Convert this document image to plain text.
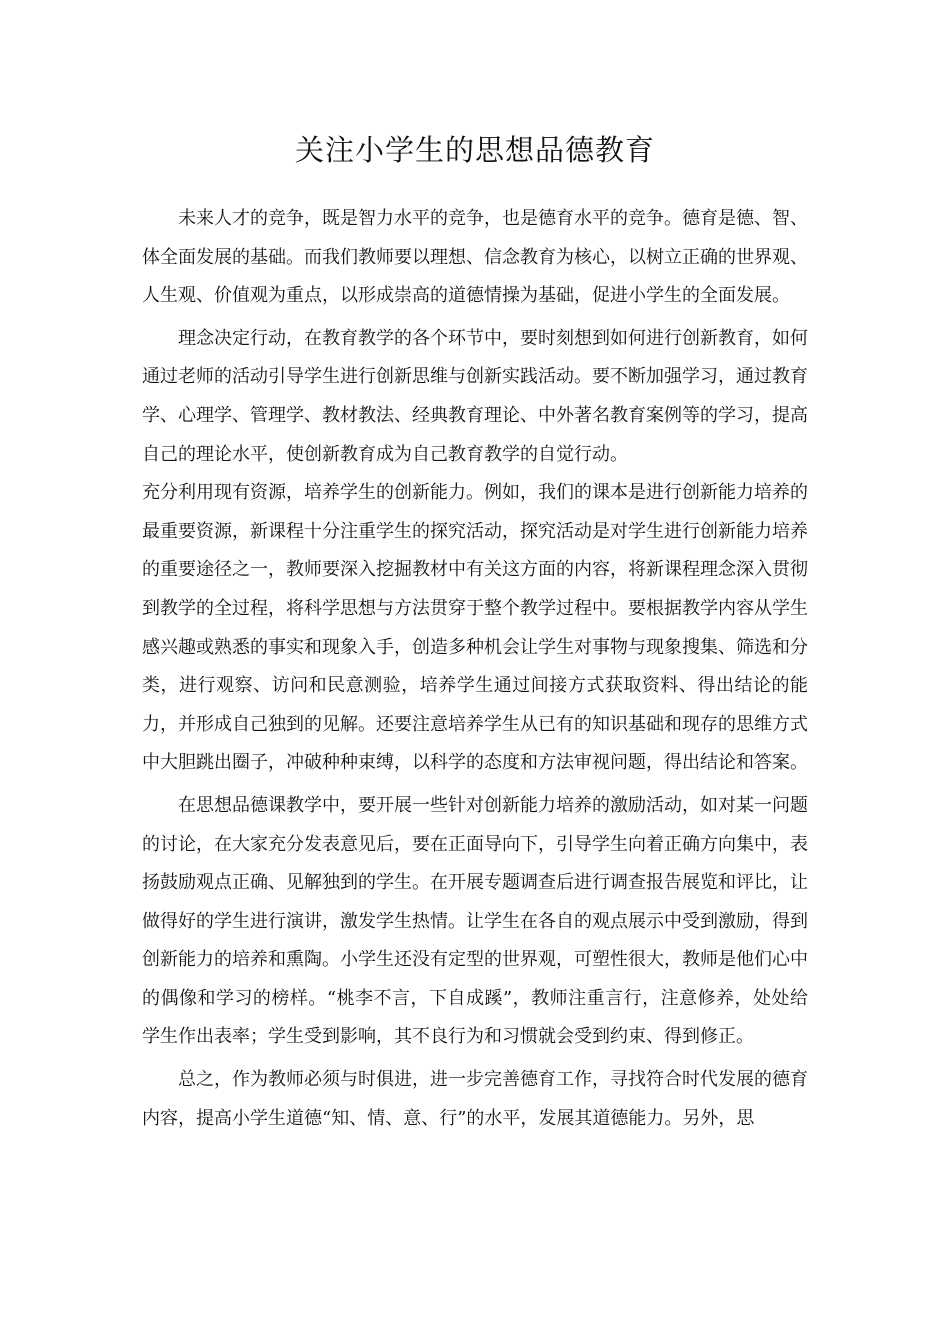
关注小学生的思想品德教育

未来人才的竞争，既是智力水平的竞争，也是德育水平的竞争。德育是德、智、体全面发展的基础。而我们教师要以理想、信念教育为核心，以树立正确的世界观、人生观、价值观为重点，以形成崇高的道德情操为基础，促进小学生的全面发展。

理念决定行动，在教育教学的各个环节中，要时刻想到如何进行创新教育，如何通过老师的活动引导学生进行创新思维与创新实践活动。要不断加强学习，通过教育学、心理学、管理学、教材教法、经典教育理论、中外著名教育案例等的学习，提高自己的理论水平，使创新教育成为自己教育教学的自觉行动。

充分利用现有资源，培养学生的创新能力。例如，我们的课本是进行创新能力培养的最重要资源，新课程十分注重学生的探究活动，探究活动是对学生进行创新能力培养的重要途径之一，教师要深入挖掘教材中有关这方面的内容，将新课程理念深入贯彻到教学的全过程，将科学思想与方法贯穿于整个教学过程中。要根据教学内容从学生感兴趣或熟悉的事实和现象入手，创造多种机会让学生对事物与现象搜集、筛选和分类，进行观察、访问和民意测验，培养学生通过间接方式获取资料、得出结论的能力，并形成自己独到的见解。还要注意培养学生从已有的知识基础和现存的思维方式中大胆跳出圈子，冲破种种束缚，以科学的态度和方法审视问题，得出结论和答案。

在思想品德课教学中，要开展一些针对创新能力培养的激励活动，如对某一问题的讨论，在大家充分发表意见后，要在正面导向下，引导学生向着正确方向集中，表扬鼓励观点正确、见解独到的学生。在开展专题调查后进行调查报告展览和评比，让做得好的学生进行演讲，激发学生热情。让学生在各自的观点展示中受到激励，得到创新能力的培养和熏陶。小学生还没有定型的世界观，可塑性很大，教师是他们心中的偶像和学习的榜样。“桃李不言，下自成蹊”，教师注重言行，注意修养，处处给学生作出表率；学生受到影响，其不良行为和习惯就会受到约束、得到修正。

总之，作为教师必须与时俱进，进一步完善德育工作，寻找符合时代发展的德育内容，提高小学生道德“知、情、意、行”的水平，发展其道德能力。另外，思
